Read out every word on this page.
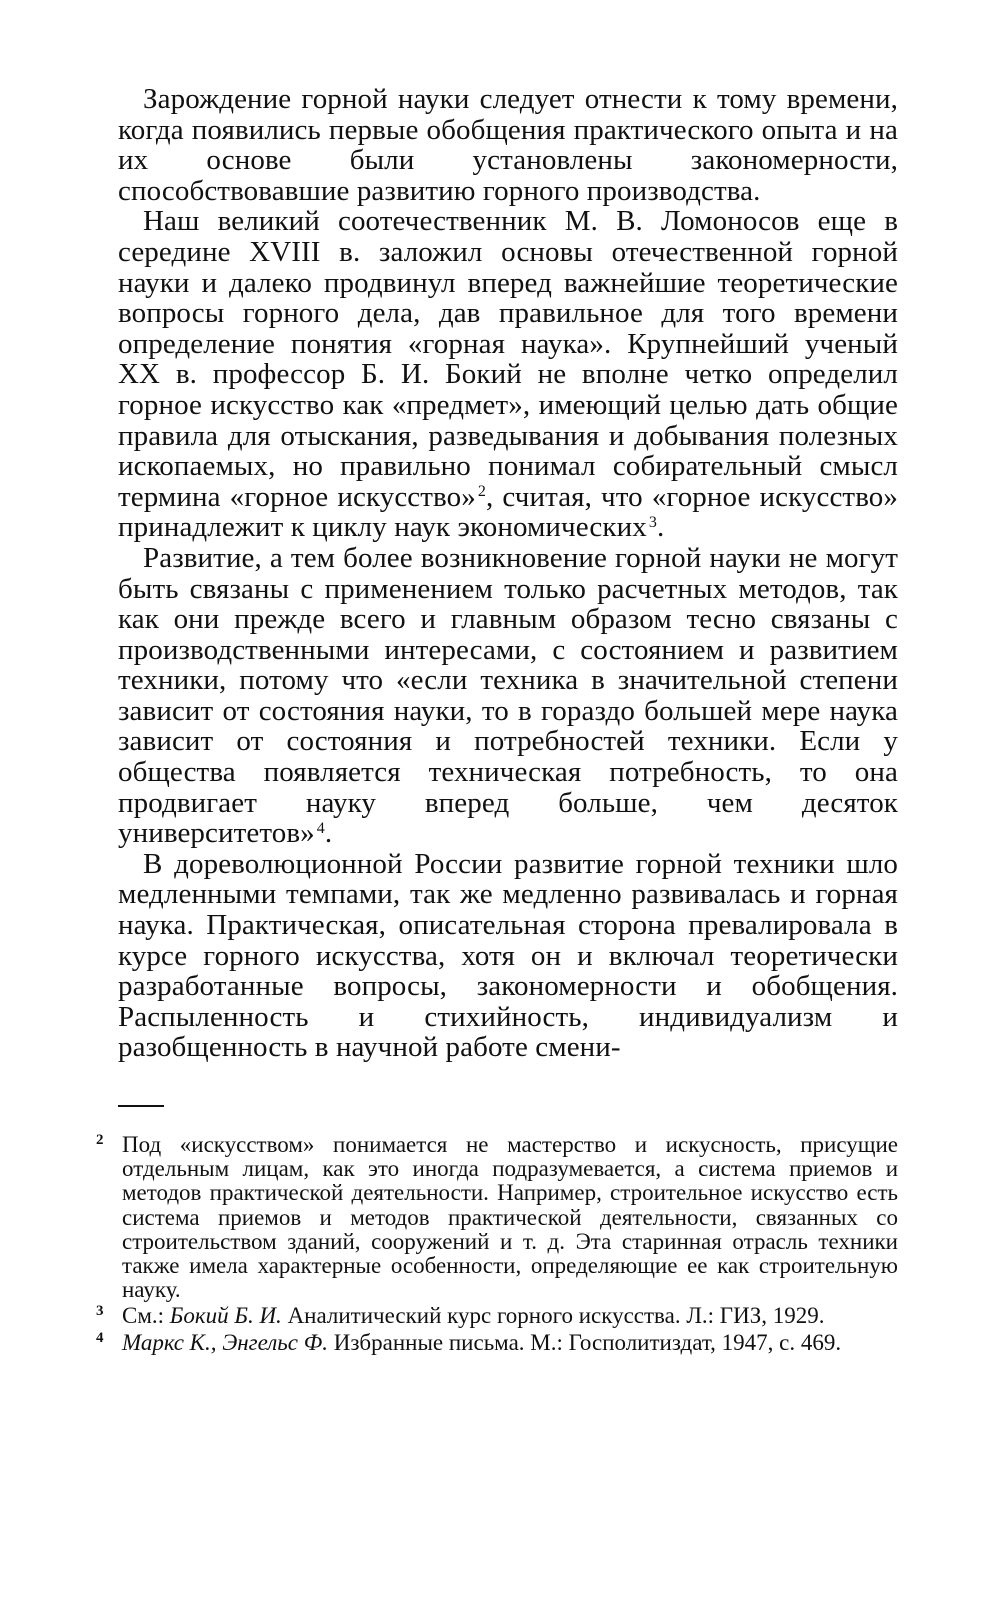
Зарождение горной науки следует отнести к тому времени, когда появились первые обобщения практического опыта и на их основе были установлены закономерности, способствовавшие развитию горного производства.

Наш великий соотечественник М. В. Ломоносов еще в середине XVIII в. заложил основы отечественной горной науки и далеко продвинул вперед важнейшие теоретические вопросы горного дела, дав правильное для того времени определение понятия «горная наука». Крупнейший ученый XX в. профессор Б. И. Бокий не вполне четко определил горное искусство как «предмет», имеющий целью дать общие правила для отыскания, разведывания и добывания полезных ископаемых, но правильно понимал собирательный смысл термина «горное искусство» $^2$, считая, что «горное искусство» принадлежит к циклу наук экономических $^3$.

Развитие, а тем более возникновение горной науки не могут быть связаны с применением только расчетных методов, так как они прежде всего и главным образом тесно связаны с производственными интересами, с состоянием и развитием техники, потому что «если техника в значительной степени зависит от состояния науки, то в гораздо большей мере наука зависит от состояния и потребностей техники. Если у общества появляется техническая потребность, то она продвигает науку вперед больше, чем десяток университетов» $^4$.

В дореволюционной России развитие горной техники шло медленными темпами, так же медленно развивалась и горная наука. Практическая, описательная сторона превалировала в курсе горного искусства, хотя он и включал теоретически разработанные вопросы, закономерности и обобщения. Распыленность и стихийность, индивидуализм и разобщенность в научной работе смени-

2 Под «искусством» понимается не мастерство и искусность, присущие отдельным лицам, как это иногда подразумевается, а система приемов и методов практической деятельности. Например, строительное искусство есть система приемов и методов практической деятельности, связанных со строительством зданий, сооружений и т. д. Эта старинная отрасль техники также имела характерные особенности, определяющие ее как строительную науку.

3 См.: Бокий Б. И. Аналитический курс горного искусства. Л.: ГИЗ, 1929.

4 Маркс К., Энгельс Ф. Избранные письма. М.: Госполитиздат, 1947, с. 469.
